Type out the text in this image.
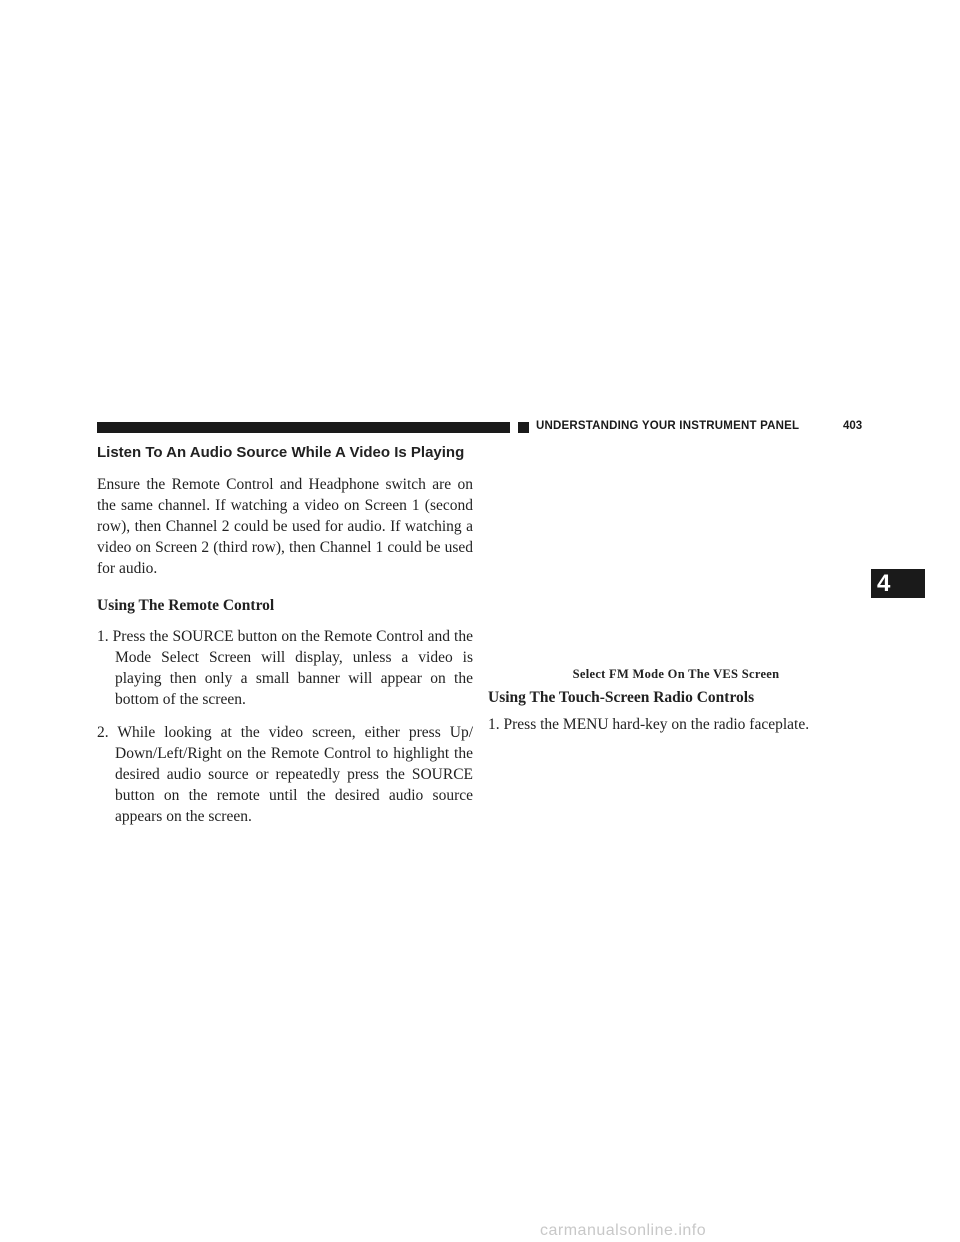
UNDERSTANDING YOUR INSTRUMENT PANEL	403
4
Listen To An Audio Source While A Video Is Playing

Ensure the Remote Control and Headphone switch are on the same channel. If watching a video on Screen 1 (second row), then Channel 2 could be used for audio. If watching a video on Screen 2 (third row), then Channel 1 could be used for audio.

Using The Remote Control

1. Press the SOURCE button on the Remote Control and the Mode Select Screen will display, unless a video is playing then only a small banner will appear on the bottom of the screen.

2. While looking at the video screen, either press Up/ Down/Left/Right on the Remote Control to highlight the desired audio source or repeatedly press the SOURCE button on the remote until the desired audio source appears on the screen.

Select FM Mode On The VES Screen

Using The Touch-Screen Radio Controls

1. Press the MENU hard-key on the radio faceplate.

carmanualsonline.info
